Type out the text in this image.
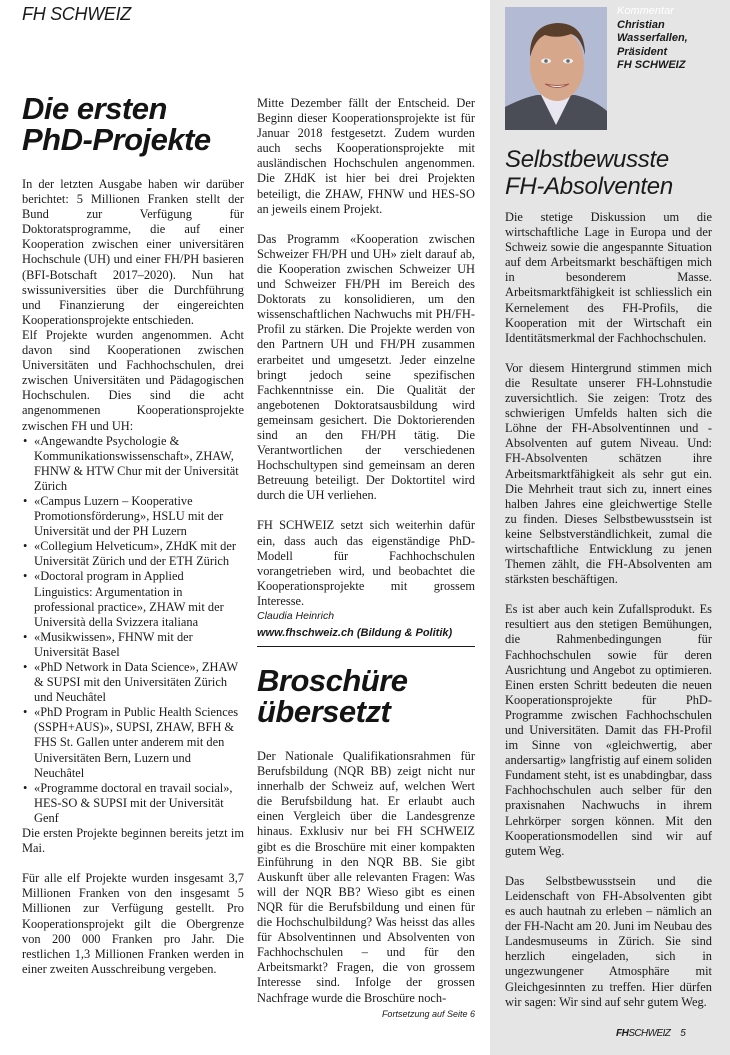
FH SCHWEIZ
Die ersten
PhD-Projekte

In der letzten Ausgabe haben wir darüber berichtet: 5 Millionen Franken stellt der Bund zur Verfügung für Doktoratsprogramme, die auf einer Kooperation zwischen einer universitären Hochschule (UH) und einer FH/PH basieren (BFI-Botschaft 2017–2020). Nun hat swissuniversities über die Durchführung und Finanzierung der eingereichten Kooperationsprojekte entschieden.

Elf Projekte wurden angenommen. Acht davon sind Kooperationen zwischen Universitäten und Fachhochschulen, drei zwischen Universitäten und Pädagogischen Hochschulen. Dies sind die acht angenommenen Kooperationsprojekte zwischen FH und UH:

• «Angewandte Psychologie & Kommunikationswissenschaft», ZHAW, FHNW & HTW Chur mit der Universität Zürich
• «Campus Luzern – Kooperative Promotionsförderung», HSLU mit der Universität und der PH Luzern
• «Collegium Helveticum», ZHdK mit der Universität Zürich und der ETH Zürich
• «Doctoral program in Applied Linguistics: Argumentation in professional practice», ZHAW mit der Università della Svizzera italiana
• «Musikwissen», FHNW mit der Universität Basel
• «PhD Network in Data Science», ZHAW & SUPSI mit den Universitäten Zürich und Neuchâtel
• «PhD Program in Public Health Sciences (SSPH+AUS)», SUPSI, ZHAW, BFH & FHS St. Gallen unter anderem mit den Universitäten Bern, Luzern und Neuchâtel
• «Programme doctoral en travail social», HES-SO & SUPSI mit der Universität Genf

Die ersten Projekte beginnen bereits jetzt im Mai.

Für alle elf Projekte wurden insgesamt 3,7 Millionen Franken von den insgesamt 5 Millionen zur Verfügung gestellt. Pro Kooperationsprojekt gilt die Obergrenze von 200 000 Franken pro Jahr. Die restlichen 1,3 Millionen Franken werden in einer zweiten Ausschreibung vergeben.

Mitte Dezember fällt der Entscheid. Der Beginn dieser Kooperationsprojekte ist für Januar 2018 festgesetzt. Zudem wurden auch sechs Kooperationsprojekte mit ausländischen Hochschulen angenommen. Die ZHdK ist hier bei drei Projekten beteiligt, die ZHAW, FHNW und HES-SO an jeweils einem Projekt.

Das Programm «Kooperation zwischen Schweizer FH/PH und UH» zielt darauf ab, die Kooperation zwischen Schweizer UH und Schweizer FH/PH im Bereich des Doktorats zu konsolidieren, um den wissenschaftlichen Nachwuchs mit PH/FH-Profil zu stärken. Die Projekte werden von den Partnern UH und FH/PH zusammen erarbeitet und umgesetzt. Jeder einzelne bringt jedoch seine spezifischen Fachkenntnisse ein. Die Qualität der angebotenen Doktoratsausbildung wird gemeinsam gesichert. Die Doktorierenden sind an den FH/PH tätig. Die Verantwortlichen der verschiedenen Hochschultypen sind gemeinsam an deren Betreuung beteiligt. Der Doktortitel wird durch die UH verliehen.

FH SCHWEIZ setzt sich weiterhin dafür ein, dass auch das eigenständige PhD-Modell für Fachhochschulen vorangetrieben wird, und beobachtet die Kooperationsprojekte mit grossem Interesse.

Claudia Heinrich
www.fhschweiz.ch (Bildung & Politik)
Broschüre
übersetzt

Der Nationale Qualifikationsrahmen für Berufsbildung (NQR BB) zeigt nicht nur innerhalb der Schweiz auf, welchen Wert die Berufsbildung hat. Er erlaubt auch einen Vergleich über die Landesgrenze hinaus. Exklusiv nur bei FH SCHWEIZ gibt es die Broschüre mit einer kompakten Einführung in den NQR BB. Sie gibt Auskunft über alle relevanten Fragen: Was will der NQR BB? Wieso gibt es einen NQR für die Berufsbildung und einen für die Hochschulbildung? Was heisst das alles für Absolventinnen und Absolventen von Fachhochschulen – und für den Arbeitsmarkt? Fragen, die von grossem Interesse sind. Infolge der grossen Nachfrage wurde die Broschüre noch-

Fortsetzung auf Seite 6
Kommentar
Christian
Wasserfallen,
Präsident
FH SCHWEIZ
Selbstbewusste
FH-Absolventen

Die stetige Diskussion um die wirtschaftliche Lage in Europa und der Schweiz sowie die angespannte Situation auf dem Arbeitsmarkt beschäftigen mich in besonderem Masse. Arbeitsmarktfähigkeit ist schliesslich ein Kernelement des FH-Profils, die Kooperation mit der Wirtschaft ein Identitätsmerkmal der Fachhochschulen.

Vor diesem Hintergrund stimmen mich die Resultate unserer FH-Lohnstudie zuversichtlich. Sie zeigen: Trotz des schwierigen Umfelds halten sich die Löhne der FH-Absolventinnen und -Absolventen auf gutem Niveau. Und: FH-Absolventen schätzen ihre Arbeitsmarktfähigkeit als sehr gut ein. Die Mehrheit traut sich zu, innert eines halben Jahres eine gleichwertige Stelle zu finden. Dieses Selbstbewusstsein ist keine Selbstverständlichkeit, zumal die wirtschaftliche Entwicklung zu jenen Themen zählt, die FH-Absolventen am stärksten beschäftigen.

Es ist aber auch kein Zufallsprodukt. Es resultiert aus den stetigen Bemühungen, die Rahmenbedingungen für Fachhochschulen sowie für deren Ausrichtung und Angebot zu optimieren. Einen ersten Schritt bedeuten die neuen Kooperationsprojekte für PhD-Programme zwischen Fachhochschulen und Universitäten. Damit das FH-Profil im Sinne von «gleichwertig, aber andersartig» langfristig auf einem soliden Fundament steht, ist es unabdingbar, dass Fachhochschulen auch selber für den praxisnahen Nachwuchs in ihrem Lehrkörper sorgen können. Mit den Kooperationsmodellen sind wir auf gutem Weg.

Das Selbstbewusstsein und die Leidenschaft von FH-Absolventen gibt es auch hautnah zu erleben – nämlich an der FH-Nacht am 20. Juni im Neubau des Landesmuseums in Zürich. Sie sind herzlich eingeladen, sich in ungezwungener Atmosphäre mit Gleichgesinnten zu treffen. Hier dürfen wir sagen: Wir sind auf sehr gutem Weg.

FHSCHWEIZ 5
